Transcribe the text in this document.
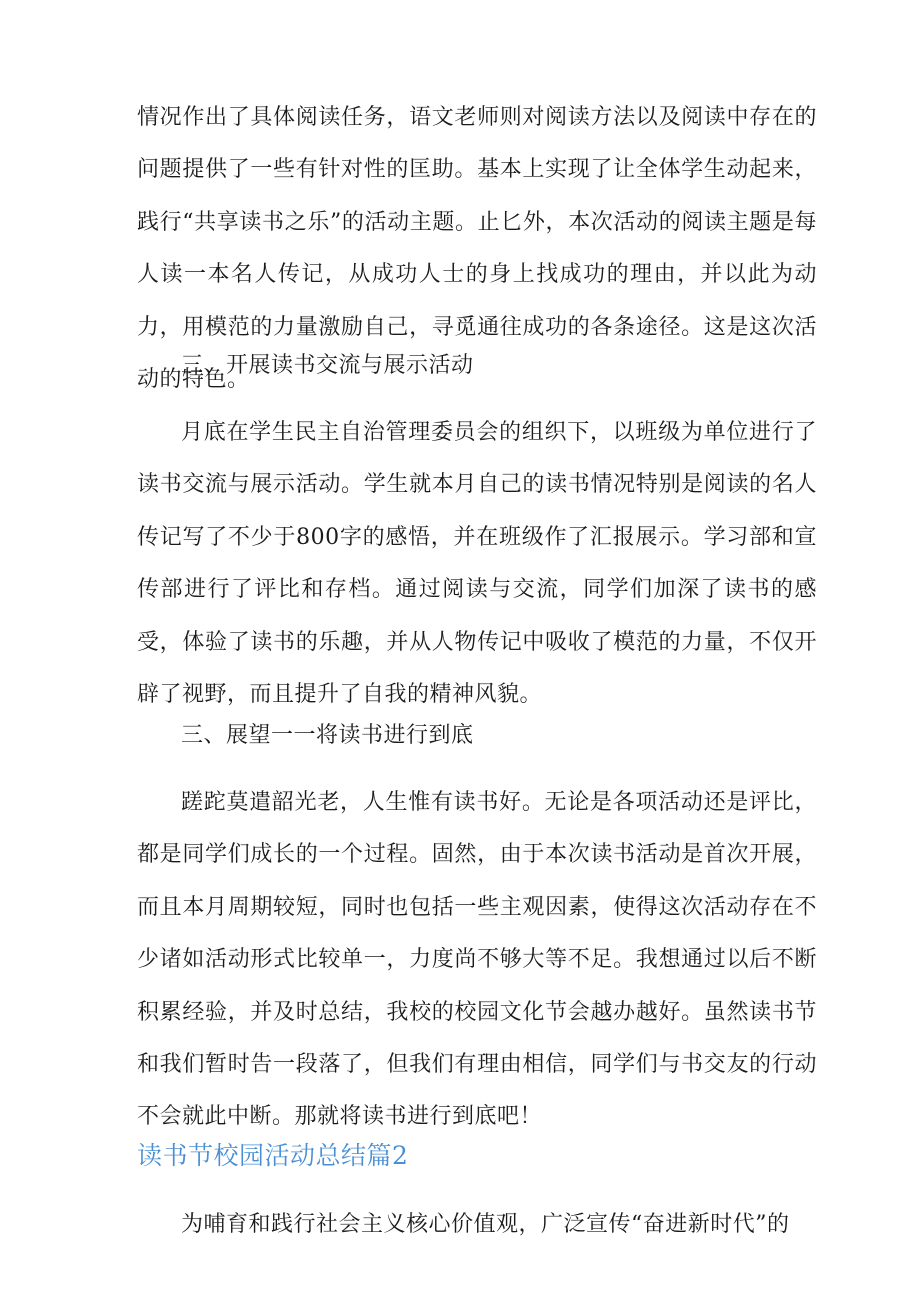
情况作出了具体阅读任务，语文老师则对阅读方法以及阅读中存在的问题提供了一些有针对性的匡助。基本上实现了让全体学生动起来，践行“共享读书之乐”的活动主题。止匕外，本次活动的阅读主题是每人读一本名人传记，从成功人士的身上找成功的理由，并以此为动力，用模范的力量激励自己，寻觅通往成功的各条途径。这是这次活动的特色。

三、开展读书交流与展示活动

月底在学生民主自治管理委员会的组织下，以班级为单位进行了读书交流与展示活动。学生就本月自己的读书情况特别是阅读的名人传记写了不少于800字的感悟，并在班级作了汇报展示。学习部和宣传部进行了评比和存档。通过阅读与交流，同学们加深了读书的感受，体验了读书的乐趣，并从人物传记中吸收了模范的力量，不仅开辟了视野，而且提升了自我的精神风貌。

三、展望一一将读书进行到底

蹉跎莫遣韶光老，人生惟有读书好。无论是各项活动还是评比，都是同学们成长的一个过程。固然，由于本次读书活动是首次开展，而且本月周期较短，同时也包括一些主观因素，使得这次活动存在不少诸如活动形式比较单一，力度尚不够大等不足。我想通过以后不断积累经验，并及时总结，我校的校园文化节会越办越好。虽然读书节和我们暂时告一段落了，但我们有理由相信，同学们与书交友的行动不会就此中断。那就将读书进行到底吧！

读书节校园活动总结篇2

为哺育和践行社会主义核心价值观，广泛宣传“奋进新时代”的
